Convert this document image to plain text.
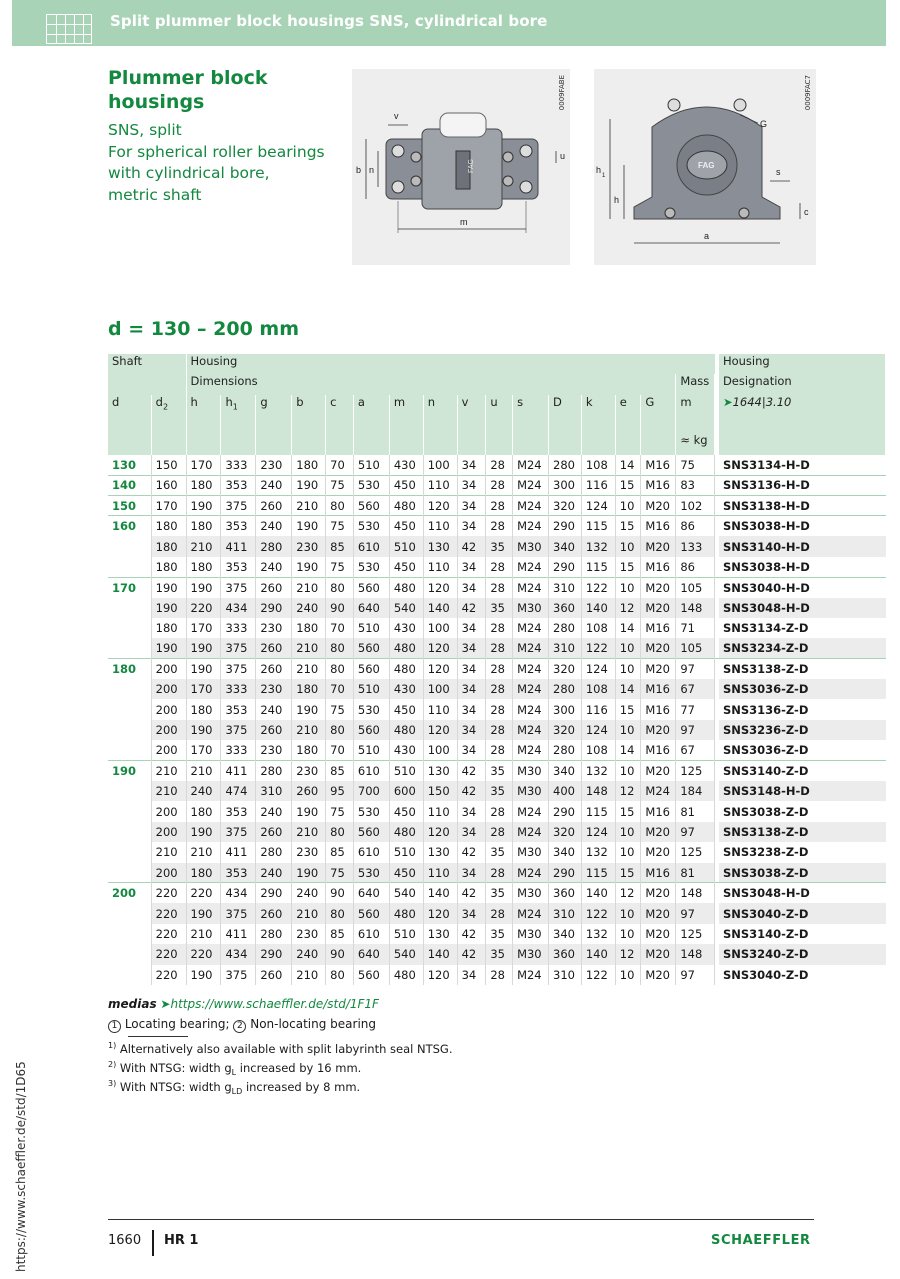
Split plummer block housings SNS, cylindrical bore
Plummer block
housings
SNS, split
For spherical roller bearings
with cylindrical bore,
metric shaft
m
b n
v
u
FAG
0009FABE
a
h
1
h
G
s
c
FAG
0009FAC7
d = 130 – 200 mm
Shaft		Housing																	Housing
		Dimensions															Mass		Designation
d	$d_2$	h	$h_1$	g	b	c	a	m	n	v	u	s	D	k	e	G	m
≈ kg		➤1644|3.10
130	150	170	333	230	180	70	510	430	100	34	28	M24	280	108	14	M16	75		SNS3134-H-D
140	160	180	353	240	190	75	530	450	110	34	28	M24	300	116	15	M16	83		SNS3136-H-D
150	170	190	375	260	210	80	560	480	120	34	28	M24	320	124	10	M20	102		SNS3138-H-D
160	180	180	353	240	190	75	530	450	110	34	28	M24	290	115	15	M16	86		SNS3038-H-D
	180	210	411	280	230	85	610	510	130	42	35	M30	340	132	10	M20	133		SNS3140-H-D
	180	180	353	240	190	75	530	450	110	34	28	M24	290	115	15	M16	86		SNS3038-H-D
170	190	190	375	260	210	80	560	480	120	34	28	M24	310	122	10	M20	105		SNS3040-H-D
	190	220	434	290	240	90	640	540	140	42	35	M30	360	140	12	M20	148		SNS3048-H-D
	180	170	333	230	180	70	510	430	100	34	28	M24	280	108	14	M16	71		SNS3134-Z-D
	190	190	375	260	210	80	560	480	120	34	28	M24	310	122	10	M20	105		SNS3234-Z-D
180	200	190	375	260	210	80	560	480	120	34	28	M24	320	124	10	M20	97		SNS3138-Z-D
	200	170	333	230	180	70	510	430	100	34	28	M24	280	108	14	M16	67		SNS3036-Z-D
	200	180	353	240	190	75	530	450	110	34	28	M24	300	116	15	M16	77		SNS3136-Z-D
	200	190	375	260	210	80	560	480	120	34	28	M24	320	124	10	M20	97		SNS3236-Z-D
	200	170	333	230	180	70	510	430	100	34	28	M24	280	108	14	M16	67		SNS3036-Z-D
190	210	210	411	280	230	85	610	510	130	42	35	M30	340	132	10	M20	125		SNS3140-Z-D
	210	240	474	310	260	95	700	600	150	42	35	M30	400	148	12	M24	184		SNS3148-H-D
	200	180	353	240	190	75	530	450	110	34	28	M24	290	115	15	M16	81		SNS3038-Z-D
	200	190	375	260	210	80	560	480	120	34	28	M24	320	124	10	M20	97		SNS3138-Z-D
	210	210	411	280	230	85	610	510	130	42	35	M30	340	132	10	M20	125		SNS3238-Z-D
	200	180	353	240	190	75	530	450	110	34	28	M24	290	115	15	M16	81		SNS3038-Z-D
200	220	220	434	290	240	90	640	540	140	42	35	M30	360	140	12	M20	148		SNS3048-H-D
	220	190	375	260	210	80	560	480	120	34	28	M24	310	122	10	M20	97		SNS3040-Z-D
	220	210	411	280	230	85	610	510	130	42	35	M30	340	132	10	M20	125		SNS3140-Z-D
	220	220	434	290	240	90	640	540	140	42	35	M30	360	140	12	M20	148		SNS3240-Z-D
	220	190	375	260	210	80	560	480	120	34	28	M24	310	122	10	M20	97		SNS3040-Z-D
medias ➤https://www.schaeffler.de/std/1F1F
1 Locating bearing; 2 Non-locating bearing
$^{1)}$ Alternatively also available with split labyrinth seal NTSG.
$^{2)}$ With NTSG: width $g_L$ increased by 16 mm.
$^{3)}$ With NTSG: width $g_{LD}$ increased by 8 mm.
https://www.schaeffler.de/std/1D65	1660 HR 1	SCHAEFFLER
